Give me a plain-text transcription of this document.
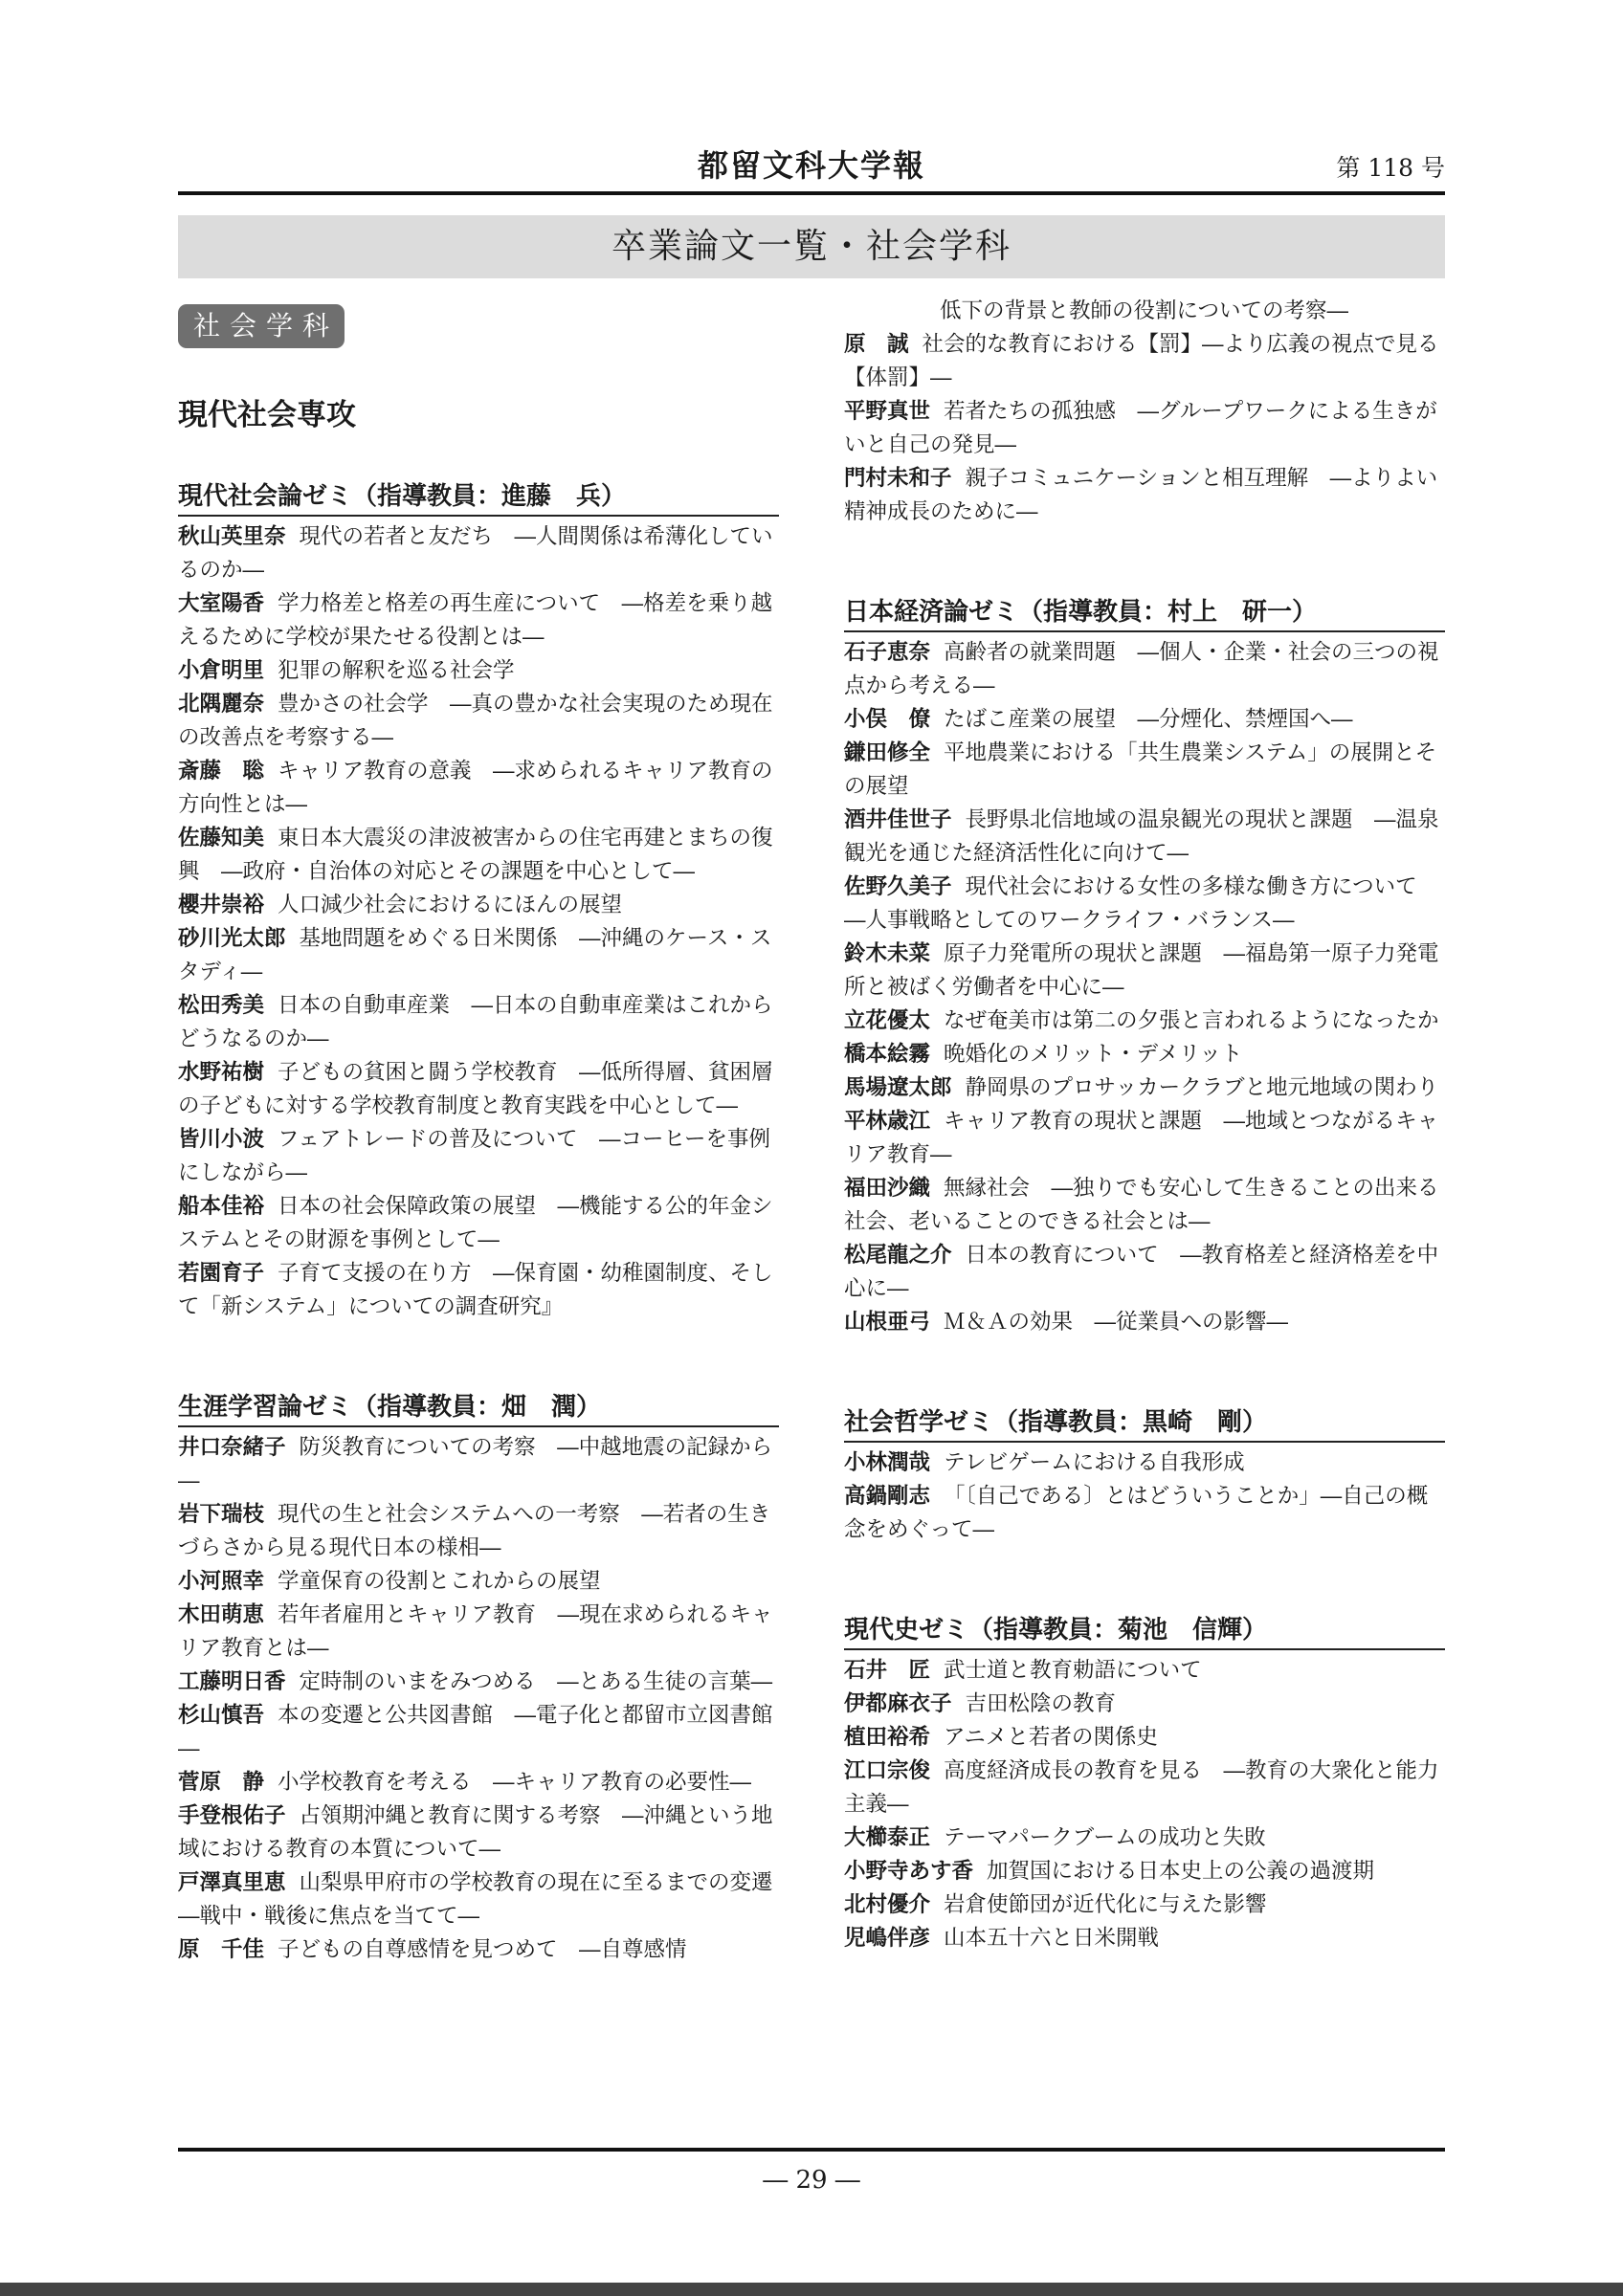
都留文科大学報	第 118 号
卒業論文一覧・社会学科
社会学科
現代社会専攻
現代社会論ゼミ（指導教員：進藤　兵）

秋山英里奈 現代の若者と友だち　―人間関係は希薄化しているのか―

大室陽香 学力格差と格差の再生産について　―格差を乗り越えるために学校が果たせる役割とは―

小倉明里 犯罪の解釈を巡る社会学

北隅麗奈 豊かさの社会学　―真の豊かな社会実現のため現在の改善点を考察する―

斎藤　聡 キャリア教育の意義　―求められるキャリア教育の方向性とは―

佐藤知美 東日本大震災の津波被害からの住宅再建とまちの復興　―政府・自治体の対応とその課題を中心として―

櫻井崇裕 人口減少社会におけるにほんの展望

砂川光太郎 基地問題をめぐる日米関係　―沖縄のケース・スタディ―

松田秀美 日本の自動車産業　―日本の自動車産業はこれからどうなるのか―

水野祐樹 子どもの貧困と闘う学校教育　―低所得層、貧困層の子どもに対する学校教育制度と教育実践を中心として―

皆川小波 フェアトレードの普及について　―コーヒーを事例にしながら―

船本佳裕 日本の社会保障政策の展望　―機能する公的年金システムとその財源を事例として―

若園育子 子育て支援の在り方　―保育園・幼稚園制度、そして「新システム」についての調査研究』

生涯学習論ゼミ（指導教員：畑　潤）

井口奈緒子 防災教育についての考察　―中越地震の記録から―

岩下瑞枝 現代の生と社会システムへの一考察　―若者の生きづらさから見る現代日本の様相―

小河照幸 学童保育の役割とこれからの展望

木田萌恵 若年者雇用とキャリア教育　―現在求められるキャリア教育とは―

工藤明日香 定時制のいまをみつめる　―とある生徒の言葉―

杉山慎吾 本の変遷と公共図書館　―電子化と都留市立図書館―

菅原　静 小学校教育を考える　―キャリア教育の必要性―

手登根佑子 占領期沖縄と教育に関する考察　―沖縄という地域における教育の本質について―

戸澤真里恵 山梨県甲府市の学校教育の現在に至るまでの変遷　―戦中・戦後に焦点を当てて―

原　千佳 子どもの自尊感情を見つめて　―自尊感情

低下の背景と教師の役割についての考察―

原　誠 社会的な教育における【罰】―より広義の視点で見る【体罰】―

平野真世 若者たちの孤独感　―グループワークによる生きがいと自己の発見―

門村未和子 親子コミュニケーションと相互理解　―よりよい精神成長のために―

日本経済論ゼミ（指導教員：村上　研一）

石子恵奈 高齢者の就業問題　―個人・企業・社会の三つの視点から考える―

小俣　僚 たばこ産業の展望　―分煙化、禁煙国へ―

鎌田修全 平地農業における「共生農業システム」の展開とその展望

酒井佳世子 長野県北信地域の温泉観光の現状と課題　―温泉観光を通じた経済活性化に向けて―

佐野久美子 現代社会における女性の多様な働き方について　―人事戦略としてのワークライフ・バランス―

鈴木未菜 原子力発電所の現状と課題　―福島第一原子力発電所と被ばく労働者を中心に―

立花優太 なぜ奄美市は第二の夕張と言われるようになったか

橋本絵霧 晩婚化のメリット・デメリット

馬場遼太郎 静岡県のプロサッカークラブと地元地域の関わり

平林歳江 キャリア教育の現状と課題　―地域とつながるキャリア教育―

福田沙織 無縁社会　―独りでも安心して生きることの出来る社会、老いることのできる社会とは―

松尾龍之介 日本の教育について　―教育格差と経済格差を中心に―

山根亜弓 Ｍ＆Ａの効果　―従業員への影響―

社会哲学ゼミ（指導教員：黒崎　剛）

小林潤哉 テレビゲームにおける自我形成

高鍋剛志 「〔自己である〕とはどういうことか」―自己の概念をめぐって―

現代史ゼミ（指導教員：菊池　信輝）

石井　匠 武士道と教育勅語について

伊都麻衣子 吉田松陰の教育

植田裕希 アニメと若者の関係史

江口宗俊 高度経済成長の教育を見る　―教育の大衆化と能力主義―

大櫛泰正 テーマパークブームの成功と失敗

小野寺あす香 加賀国における日本史上の公義の過渡期

北村優介 岩倉使節団が近代化に与えた影響

児嶋伴彦 山本五十六と日米開戦

― 29 ―
